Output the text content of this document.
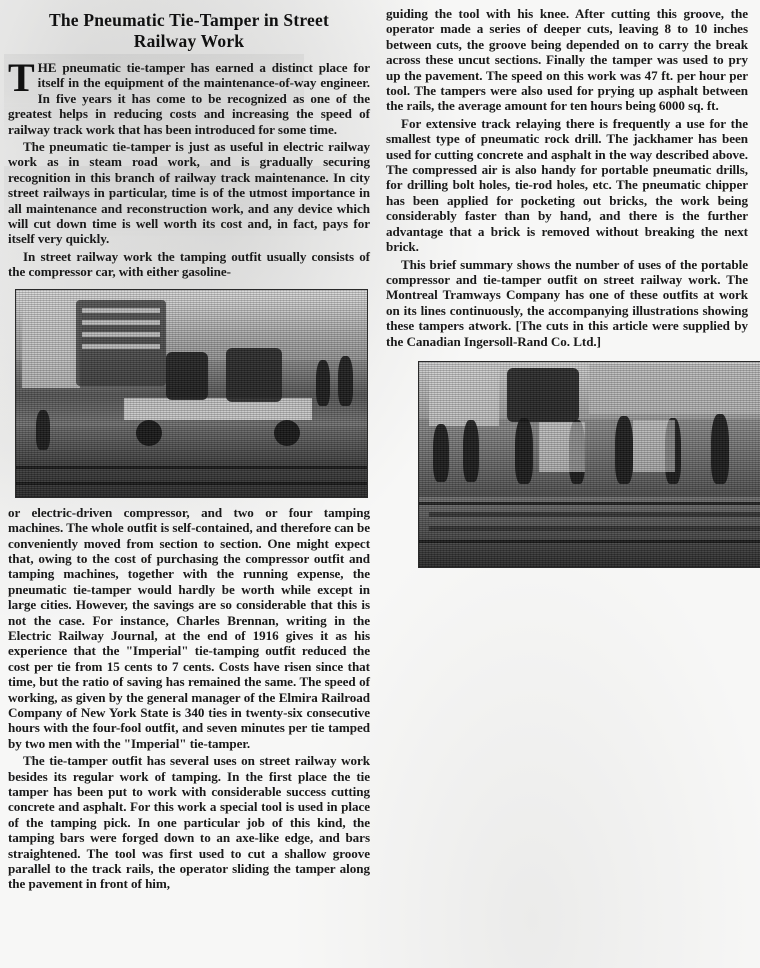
The Pneumatic Tie-Tamper in Street
Railway Work

THE pneumatic tie-tamper has earned a distinct place for itself in the equipment of the maintenance-of-way engineer. In five years it has come to be recognized as one of the greatest helps in reducing costs and increasing the speed of railway track work that has been introduced for some time.

The pneumatic tie-tamper is just as useful in electric railway work as in steam road work, and is gradually securing recognition in this branch of railway track maintenance. In city street railways in particular, time is of the utmost importance in all maintenance and reconstruction work, and any device which will cut down time is well worth its cost and, in fact, pays for itself very quickly.

In street railway work the tamping outfit usually consists of the compressor car, with either gasoline-

or electric-driven compressor, and two or four tamping machines. The whole outfit is self-contained, and therefore can be conveniently moved from section to section. One might expect that, owing to the cost of purchasing the compressor outfit and tamping machines, together with the running expense, the pneumatic tie-tamper would hardly be worth while except in large cities. However, the savings are so considerable that this is not the case. For instance, Charles Brennan, writing in the Electric Railway Journal, at the end of 1916 gives it as his experience that the "Imperial" tie-tamping outfit reduced the cost per tie from 15 cents to 7 cents. Costs have risen since that time, but the ratio of saving has remained the same. The speed of working, as given by the general manager of the Elmira Railroad Company of New York State is 340 ties in twenty-six consecutive hours with the four-fool outfit, and seven minutes per tie tamped by two men with the "Imperial" tie-tamper.

The tie-tamper outfit has several uses on street railway work besides its regular work of tamping. In the first place the tie tamper has been put to work with considerable success cutting concrete and asphalt. For this work a special tool is used in place of the tamping pick. In one particular job of this kind, the tamping bars were forged down to an axe-like edge, and bars straightened. The tool was first used to cut a shallow groove parallel to the track rails, the operator sliding the tamper along the pavement in front of him,

guiding the tool with his knee. After cutting this groove, the operator made a series of deeper cuts, leaving 8 to 10 inches between cuts, the groove being depended on to carry the break across these uncut sections. Finally the tamper was used to pry up the pavement. The speed on this work was 47 ft. per hour per tool. The tampers were also used for prying up asphalt between the rails, the average amount for ten hours being 6000 sq. ft.

For extensive track relaying there is frequently a use for the smallest type of pneumatic rock drill. The jackhamer has been used for cutting concrete and asphalt in the way described above. The compressed air is also handy for portable pneumatic drills, for drilling bolt holes, tie-rod holes, etc. The pneumatic chipper has been applied for pocketing out bricks, the work being considerably faster than by hand, and there is the further advantage that a brick is removed without breaking the next brick.

This brief summary shows the number of uses of the portable compressor and tie-tamper outfit on street railway work. The Montreal Tramways Company has one of these outfits at work on its lines continuously, the accompanying illustrations showing these tampers atwork. [The cuts in this article were supplied by the Canadian Ingersoll-Rand Co. Ltd.]
